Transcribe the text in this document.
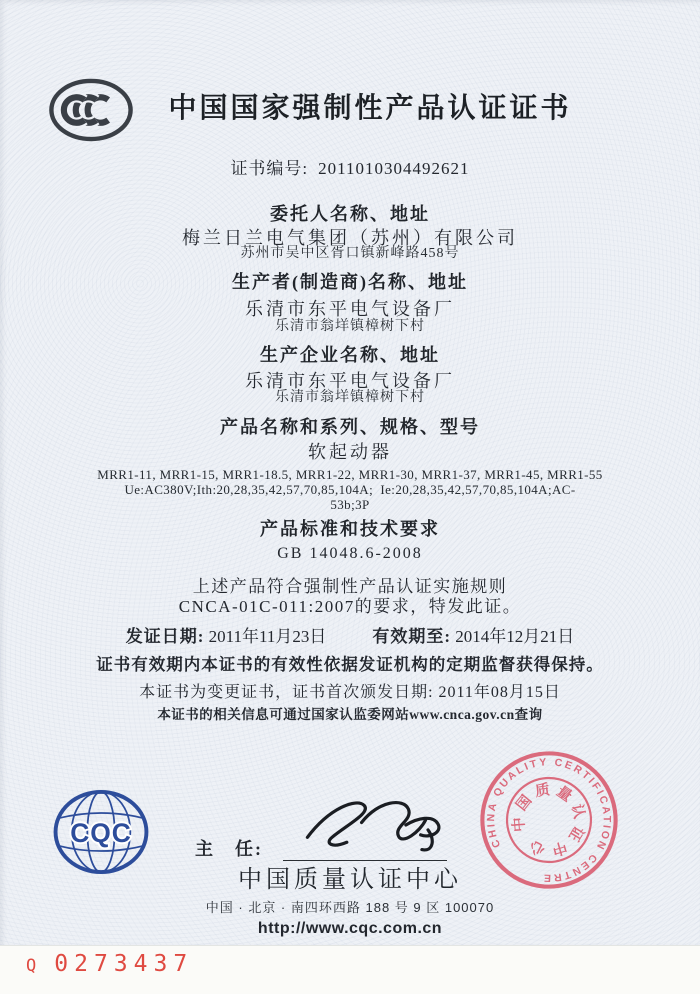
中国国家强制性产品认证证书
证书编号: 2011010304492621
委托人名称、地址
梅兰日兰电气集团（苏州）有限公司
苏州市吴中区胥口镇新峰路458号
生产者(制造商)名称、地址
乐清市东平电气设备厂
乐清市翁垟镇樟树下村
生产企业名称、地址
乐清市东平电气设备厂
乐清市翁垟镇樟树下村
产品名称和系列、规格、型号
软起动器
MRR1-11, MRR1-15, MRR1-18.5, MRR1-22, MRR1-30, MRR1-37, MRR1-45, MRR1-55
Ue:AC380V;Ith:20,28,35,42,57,70,85,104A;  Ie:20,28,35,42,57,70,85,104A;AC-
53b;3P
产品标准和技术要求
GB 14048.6-2008
上述产品符合强制性产品认证实施规则
CNCA-01C-011:2007的要求，特发此证。
发证日期: 2011年11月23日	有效期至: 2014年12月21日
证书有效期内本证书的有效性依据发证机构的定期监督获得保持。
本证书为变更证书，证书首次颁发日期: 2011年08月15日
本证书的相关信息可通过国家认监委网站www.cnca.gov.cn查询
CQC
主　任:
中国质量认证中心
中国 · 北京 · 南四环西路 188 号 9 区 100070
http://www.cqc.com.cn
CHINA QUALITY CERTIFICATION CENTRE
中国质量认证中心
Q 0273437
